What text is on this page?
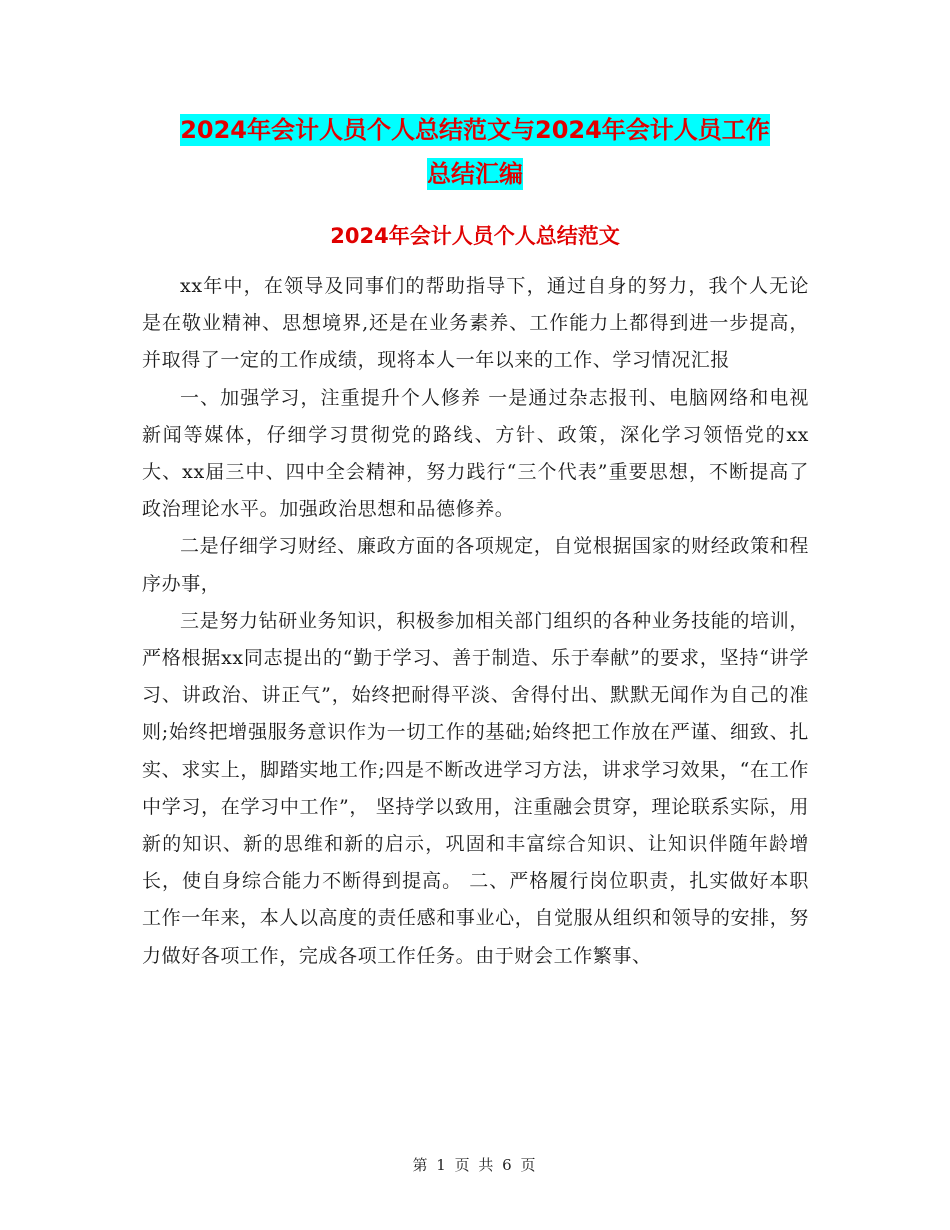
2024年会计人员个人总结范文与2024年会计人员工作
总结汇编
2024年会计人员个人总结范文

xx年中，在领导及同事们的帮助指导下，通过自身的努力，我个人无论是在敬业精神、思想境界,还是在业务素养、工作能力上都得到进一步提高，并取得了一定的工作成绩，现将本人一年以来的工作、学习情况汇报

一、加强学习，注重提升个人修养 一是通过杂志报刊、电脑网络和电视新闻等媒体，仔细学习贯彻党的路线、方针、政策，深化学习领悟党的xx大、xx届三中、四中全会精神，努力践行“三个代表”重要思想，不断提高了政治理论水平。加强政治思想和品德修养。

二是仔细学习财经、廉政方面的各项规定，自觉根据国家的财经政策和程序办事，

三是努力钻研业务知识，积极参加相关部门组织的各种业务技能的培训，严格根据xx同志提出的“勤于学习、善于制造、乐于奉献”的要求，坚持“讲学习、讲政治、讲正气”，始终把耐得平淡、舍得付出、默默无闻作为自己的准则;始终把增强服务意识作为一切工作的基础;始终把工作放在严谨、细致、扎实、求实上，脚踏实地工作;四是不断改进学习方法，讲求学习效果，“在工作中学习，在学习中工作”， 坚持学以致用，注重融会贯穿，理论联系实际，用新的知识、新的思维和新的启示，巩固和丰富综合知识、让知识伴随年龄增长，使自身综合能力不断得到提高。 二、严格履行岗位职责，扎实做好本职工作一年来，本人以高度的责任感和事业心，自觉服从组织和领导的安排，努力做好各项工作，完成各项工作任务。由于财会工作繁事、

第 1 页 共 6 页
